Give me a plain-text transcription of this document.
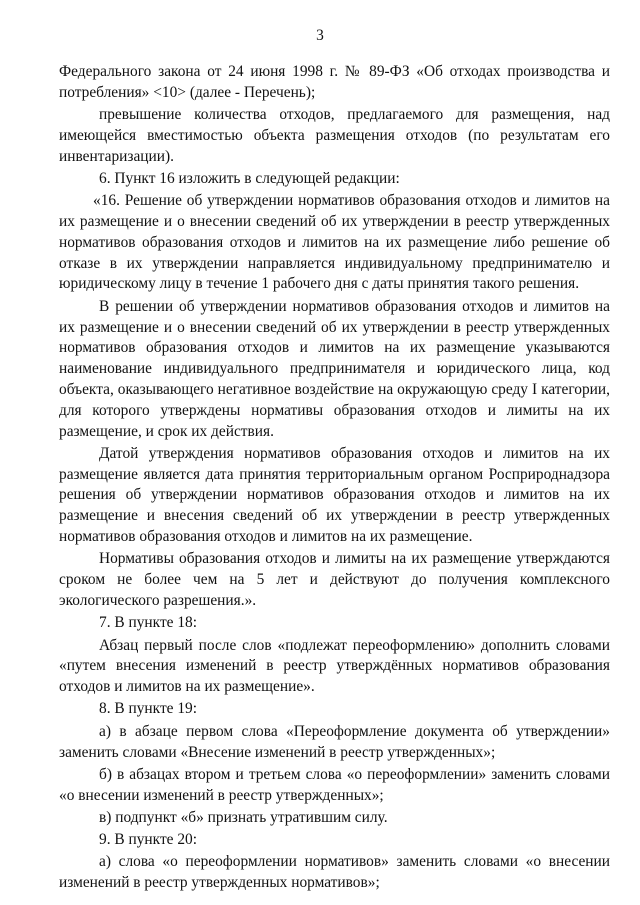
3

Федерального закона от 24 июня 1998 г. № 89-ФЗ «Об отходах производства и потребления» <10> (далее - Перечень);

превышение количества отходов, предлагаемого для размещения, над имеющейся вместимостью объекта размещения отходов (по результатам его инвентаризации).

6. Пункт 16 изложить в следующей редакции:

«16. Решение об утверждении нормативов образования отходов и лимитов на их размещение и о внесении сведений об их утверждении в реестр утвержденных нормативов образования отходов и лимитов на их размещение либо решение об отказе в их утверждении направляется индивидуальному предпринимателю и юридическому лицу в течение 1 рабочего дня с даты принятия такого решения.

В решении об утверждении нормативов образования отходов и лимитов на их размещение и о внесении сведений об их утверждении в реестр утвержденных нормативов образования отходов и лимитов на их размещение указываются наименование индивидуального предпринимателя и юридического лица, код объекта, оказывающего негативное воздействие на окружающую среду I категории, для которого утверждены нормативы образования отходов и лимиты на их размещение, и срок их действия.

Датой утверждения нормативов образования отходов и лимитов на их размещение является дата принятия территориальным органом Росприроднадзора решения об утверждении нормативов образования отходов и лимитов на их размещение и внесения сведений об их утверждении в реестр утвержденных нормативов образования отходов и лимитов на их размещение.

Нормативы образования отходов и лимиты на их размещение утверждаются сроком не более чем на 5 лет и действуют до получения комплексного экологического разрешения.».

7. В пункте 18:

Абзац первый после слов «подлежат переоформлению» дополнить словами «путем внесения изменений в реестр утверждённых нормативов образования отходов и лимитов на их размещение».

8. В пункте 19:

а) в абзаце первом слова «Переоформление документа об утверждении» заменить словами «Внесение изменений в реестр утвержденных»;

б) в абзацах втором и третьем слова «о переоформлении» заменить словами «о внесении изменений в реестр утвержденных»;

в) подпункт «б» признать утратившим силу.

9. В пункте 20:

а) слова «о переоформлении нормативов» заменить словами «о внесении изменений в реестр утвержденных нормативов»;
